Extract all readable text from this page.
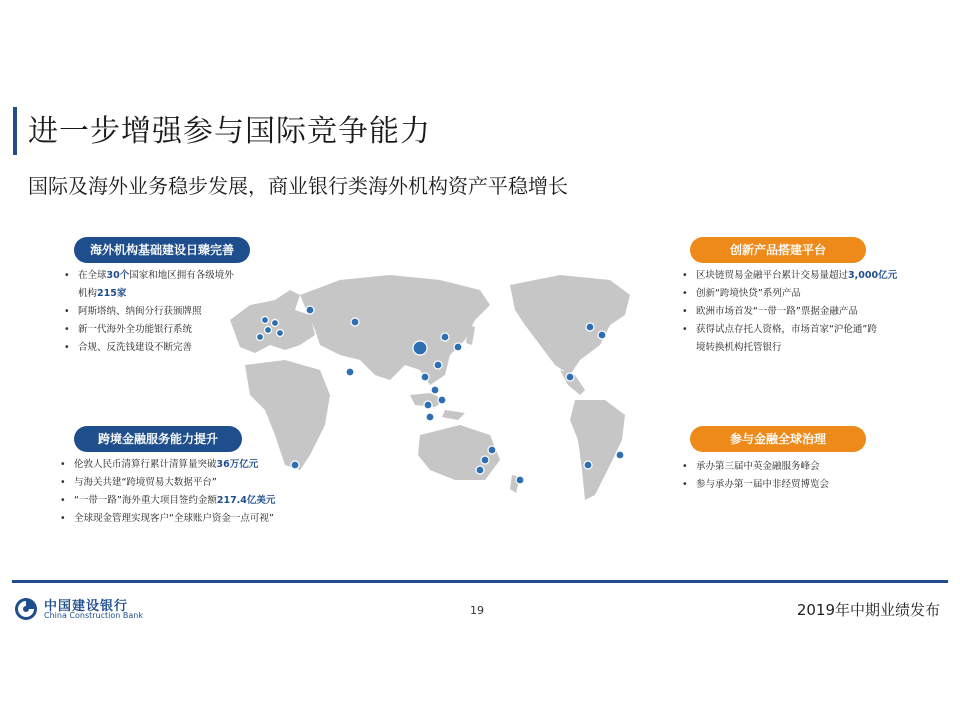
进一步增强参与国际竞争能力
国际及海外业务稳步发展，商业银行类海外机构资产平稳增长
海外机构基础建设日臻完善
• 在全球30个国家和地区拥有各级境外
机构215家
• 阿斯塔纳、纳闽分行获颁牌照
• 新一代海外全功能银行系统
• 合规、反洗钱建设不断完善
跨境金融服务能力提升
• 伦敦人民币清算行累计清算量突破36万亿元
• 与海关共建“跨境贸易大数据平台”
• “一带一路”海外重大项目签约金额217.4亿美元
• 全球现金管理实现客户“全球账户资金一点可视”
创新产品搭建平台
• 区块链贸易金融平台累计交易量超过3,000亿元
• 创新“跨境快贷”系列产品
• 欧洲市场首发“一带一路”票据金融产品
• 获得试点存托人资格，市场首家“沪伦通”跨
境转换机构托管银行
参与金融全球治理
• 承办第三届中英金融服务峰会
• 参与承办第一届中非经贸博览会
中国建设银行
China Construction Bank	19	2019年中期业绩发布
